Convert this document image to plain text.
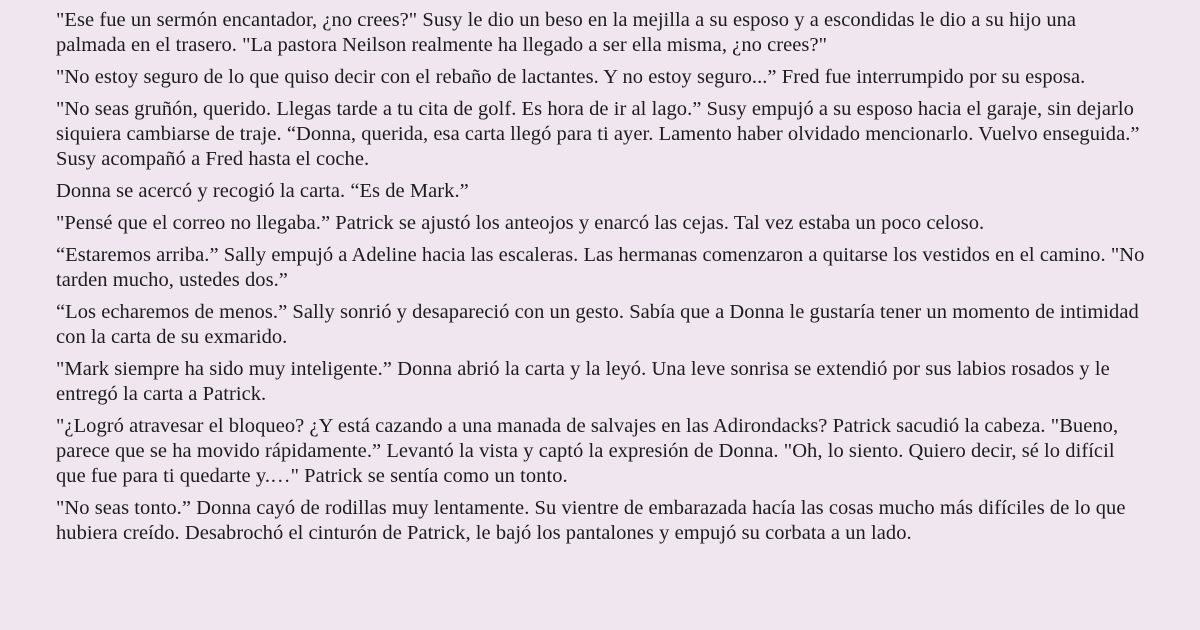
"Ese fue un sermón encantador, ¿no crees?" Susy le dio un beso en la mejilla a su esposo y a escondidas le dio a su hijo una palmada en el trasero. "La pastora Neilson realmente ha llegado a ser ella misma, ¿no crees?"

"No estoy seguro de lo que quiso decir con el rebaño de lactantes. Y no estoy seguro...” Fred fue interrumpido por su esposa.

"No seas gruñón, querido. Llegas tarde a tu cita de golf. Es hora de ir al lago.” Susy empujó a su esposo hacia el garaje, sin dejarlo siquiera cambiarse de traje. “Donna, querida, esa carta llegó para ti ayer. Lamento haber olvidado mencionarlo. Vuelvo enseguida.” Susy acompañó a Fred hasta el coche.

Donna se acercó y recogió la carta. “Es de Mark.”

"Pensé que el correo no llegaba.” Patrick se ajustó los anteojos y enarcó las cejas. Tal vez estaba un poco celoso.

“Estaremos arriba.” Sally empujó a Adeline hacia las escaleras. Las hermanas comenzaron a quitarse los vestidos en el camino. "No tarden mucho, ustedes dos.”

“Los echaremos de menos.” Sally sonrió y desapareció con un gesto. Sabía que a Donna le gustaría tener un momento de intimidad con la carta de su exmarido.

"Mark siempre ha sido muy inteligente.” Donna abrió la carta y la leyó. Una leve sonrisa se extendió por sus labios rosados y le entregó la carta a Patrick.

"¿Logró atravesar el bloqueo? ¿Y está cazando a una manada de salvajes en las Adirondacks? Patrick sacudió la cabeza. "Bueno, parece que se ha movido rápidamente.” Levantó la vista y captó la expresión de Donna. "Oh, lo siento. Quiero decir, sé lo difícil que fue para ti quedarte y.…" Patrick se sentía como un tonto.

"No seas tonto.” Donna cayó de rodillas muy lentamente. Su vientre de embarazada hacía las cosas mucho más difíciles de lo que hubiera creído. Desabrochó el cinturón de Patrick, le bajó los pantalones y empujó su corbata a un lado.
